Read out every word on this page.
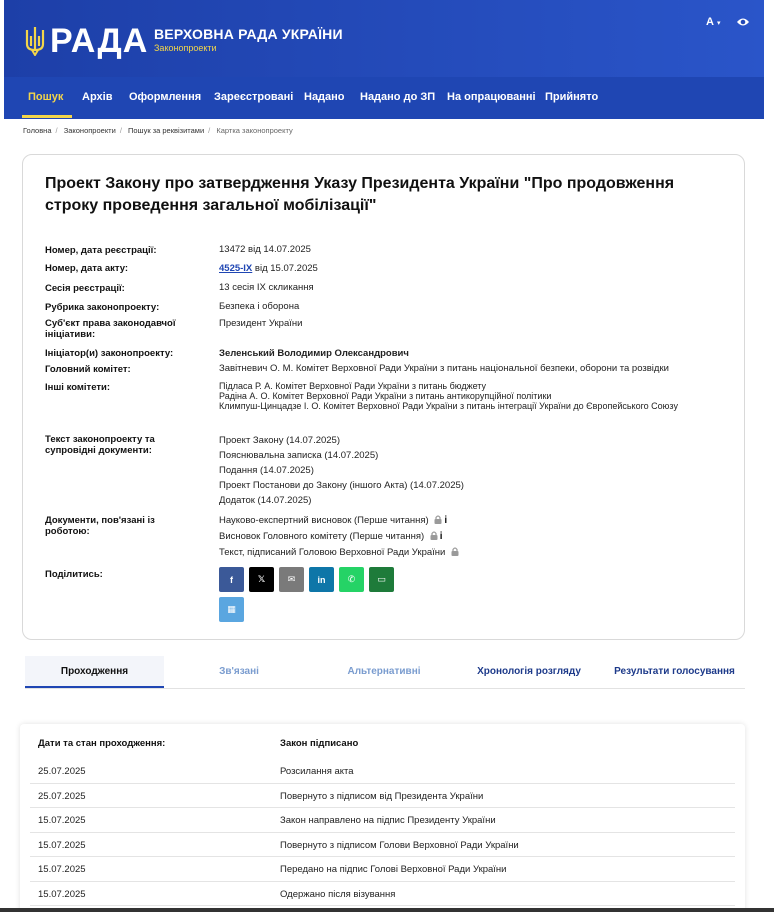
РАДА ВЕРХОВНА РАДА УКРАЇНИ
Законопроекти
А ▾
Пошук Архів Оформлення Зареєстровані Надано Надано до ЗП На опрацюванні Прийнято
Головна / Законопроекти / Пошук за реквізитами / Картка законопроекту
Проект Закону про затвердження Указу Президента України "Про продовження строку проведення загальної мобілізації"
Номер, дата реєстрації:	13472 від 14.07.2025
Номер, дата акту:	4525-IX від 15.07.2025
Сесія реєстрації:	13 сесія IX скликання
Рубрика законопроекту:	Безпека і оборона
Суб'єкт права законодавчої ініціативи:
Президент України
Ініціатор(и) законопроекту:	Зеленський Володимир Олександрович
Головний комітет:	Завітневич О. М. Комітет Верховної Ради України з питань національної безпеки, оборони та розвідки
Інші комітети:	Підласа Р. А. Комітет Верховної Ради України з питань бюджету
Радіна А. О. Комітет Верховної Ради України з питань антикорупційної політики
Климпуш-Цинцадзе І. О. Комітет Верховної Ради України з питань інтеграції України до Європейського Союзу
Текст законопроекту та супровідні документи:
Проект Закону (14.07.2025)
Пояснювальна записка (14.07.2025)
Подання (14.07.2025)
Проект Постанови до Закону (іншого Акта) (14.07.2025)
Додаток (14.07.2025)
Документи, пов'язані із роботою:
Науково-експертний висновок (Перше читання) i
Висновок Головного комітету (Перше читання) i
Текст, підписаний Головою Верховної Ради України
Поділитись:	f	𝕏	✉ in ✆ ▭
▦
Проходження	Зв'язані	Альтернативні	Хронологія розгляду	Результати голосування
Дати та стан проходження:	Закон підписано
25.07.2025	Розсилання акта
25.07.2025	Повернуто з підписом від Президента України
15.07.2025	Закон направлено на підпис Президенту України
15.07.2025	Повернуто з підписом Голови Верховної Ради України
15.07.2025	Передано на підпис Голові Верховної Ради України
15.07.2025	Одержано після візування
